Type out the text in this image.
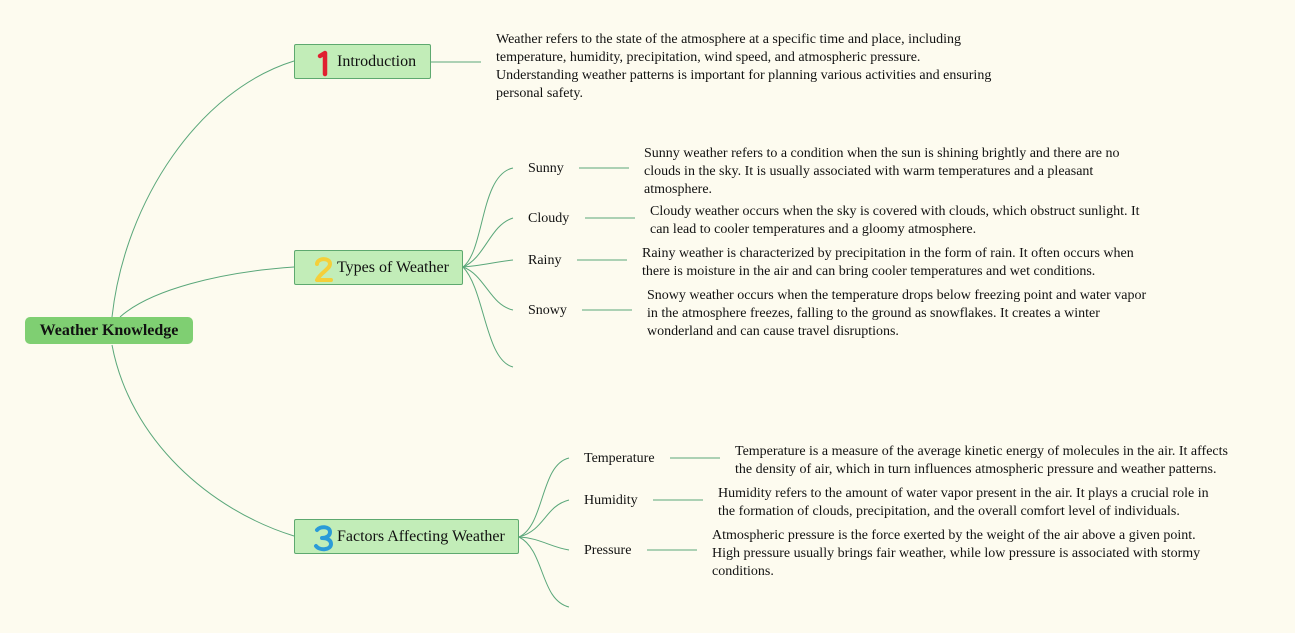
Weather Knowledge
Introduction
Weather refers to the state of the atmosphere at a specific time and place, including temperature, humidity, precipitation, wind speed, and atmospheric pressure. Understanding weather patterns is important for planning various activities and ensuring personal safety.
Types of Weather
Sunny
Sunny weather refers to a condition when the sun is shining brightly and there are no clouds in the sky. It is usually associated with warm temperatures and a pleasant atmosphere.
Cloudy	Cloudy weather occurs when the sky is covered with clouds, which obstruct sunlight. It can lead to cooler temperatures and a gloomy atmosphere.
Rainy	Rainy weather is characterized by precipitation in the form of rain. It often occurs when there is moisture in the air and can bring cooler temperatures and wet conditions.
Snowy
Snowy weather occurs when the temperature drops below freezing point and water vapor in the atmosphere freezes, falling to the ground as snowflakes. It creates a winter wonderland and can cause travel disruptions.
Factors Affecting Weather
Temperature	Temperature is a measure of the average kinetic energy of molecules in the air. It affects the density of air, which in turn influences atmospheric pressure and weather patterns.
Humidity	Humidity refers to the amount of water vapor present in the air. It plays a crucial role in the formation of clouds, precipitation, and the overall comfort level of individuals.
Pressure
Atmospheric pressure is the force exerted by the weight of the air above a given point. High pressure usually brings fair weather, while low pressure is associated with stormy conditions.
